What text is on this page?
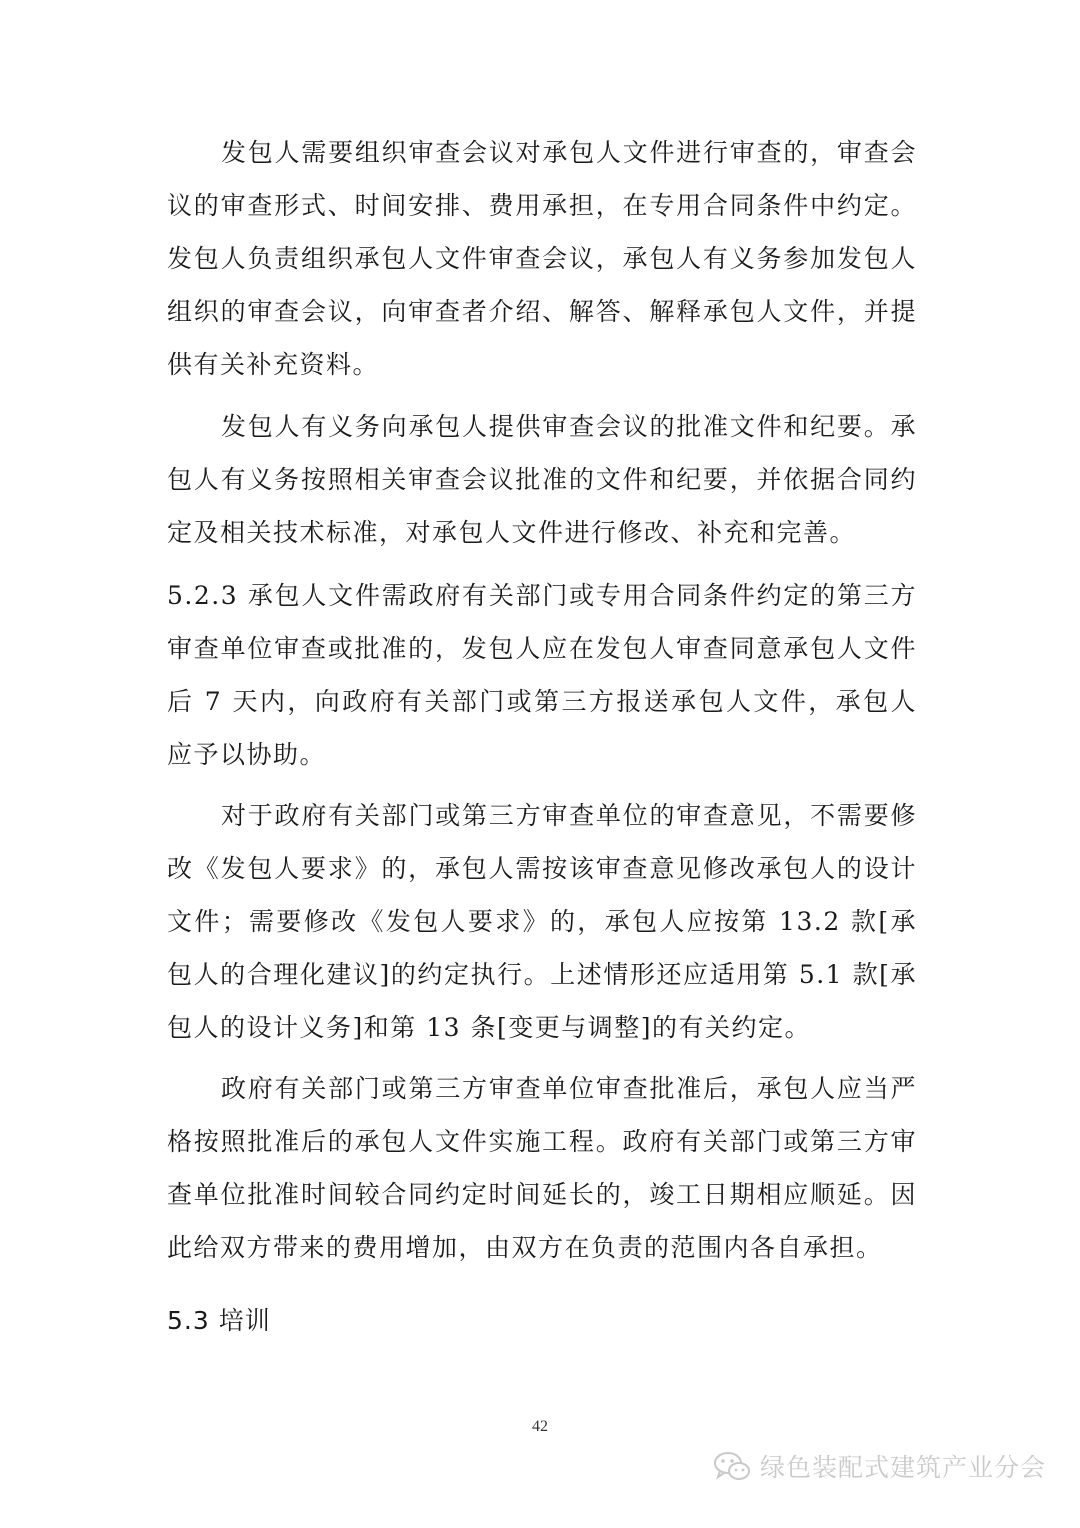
发包人需要组织审查会议对承包人文件进行审查的，审查会议的审查形式、时间安排、费用承担，在专用合同条件中约定。发包人负责组织承包人文件审查会议，承包人有义务参加发包人组织的审查会议，向审查者介绍、解答、解释承包人文件，并提供有关补充资料。

发包人有义务向承包人提供审查会议的批准文件和纪要。承包人有义务按照相关审查会议批准的文件和纪要，并依据合同约定及相关技术标准，对承包人文件进行修改、补充和完善。

5.2.3 承包人文件需政府有关部门或专用合同条件约定的第三方审查单位审查或批准的，发包人应在发包人审查同意承包人文件后 7 天内，向政府有关部门或第三方报送承包人文件，承包人应予以协助。

对于政府有关部门或第三方审查单位的审查意见，不需要修改《发包人要求》的，承包人需按该审查意见修改承包人的设计文件；需要修改《发包人要求》的，承包人应按第 13.2 款[承包人的合理化建议]的约定执行。上述情形还应适用第 5.1 款[承包人的设计义务]和第 13 条[变更与调整]的有关约定。

政府有关部门或第三方审查单位审查批准后，承包人应当严格按照批准后的承包人文件实施工程。政府有关部门或第三方审查单位批准时间较合同约定时间延长的，竣工日期相应顺延。因此给双方带来的费用增加，由双方在负责的范围内各自承担。

5.3 培训
42
绿色装配式建筑产业分会
